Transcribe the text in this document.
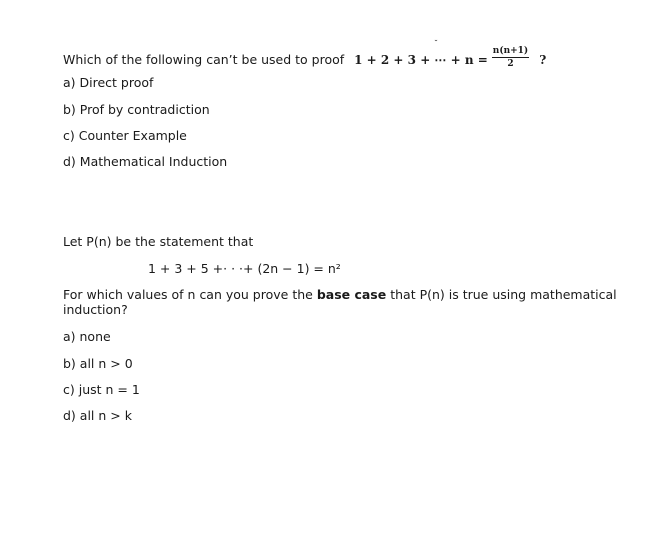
˘
Which of the following can’t be used to proof 1 + 2 + 3 + ⋯ + $n = \frac{n(n+1)}{2}$ ?
a) Direct proof
b) Prof by contradiction
c) Counter Example
d) Mathematical Induction
Let P(n) be the statement that
1 + 3 + 5 +· · ·+ (2n − 1) = n²
For which values of n can you prove the base case that P(n) is true using mathematical induction?
a) none
b) all n > 0
c) just n = 1
d) all n > k
